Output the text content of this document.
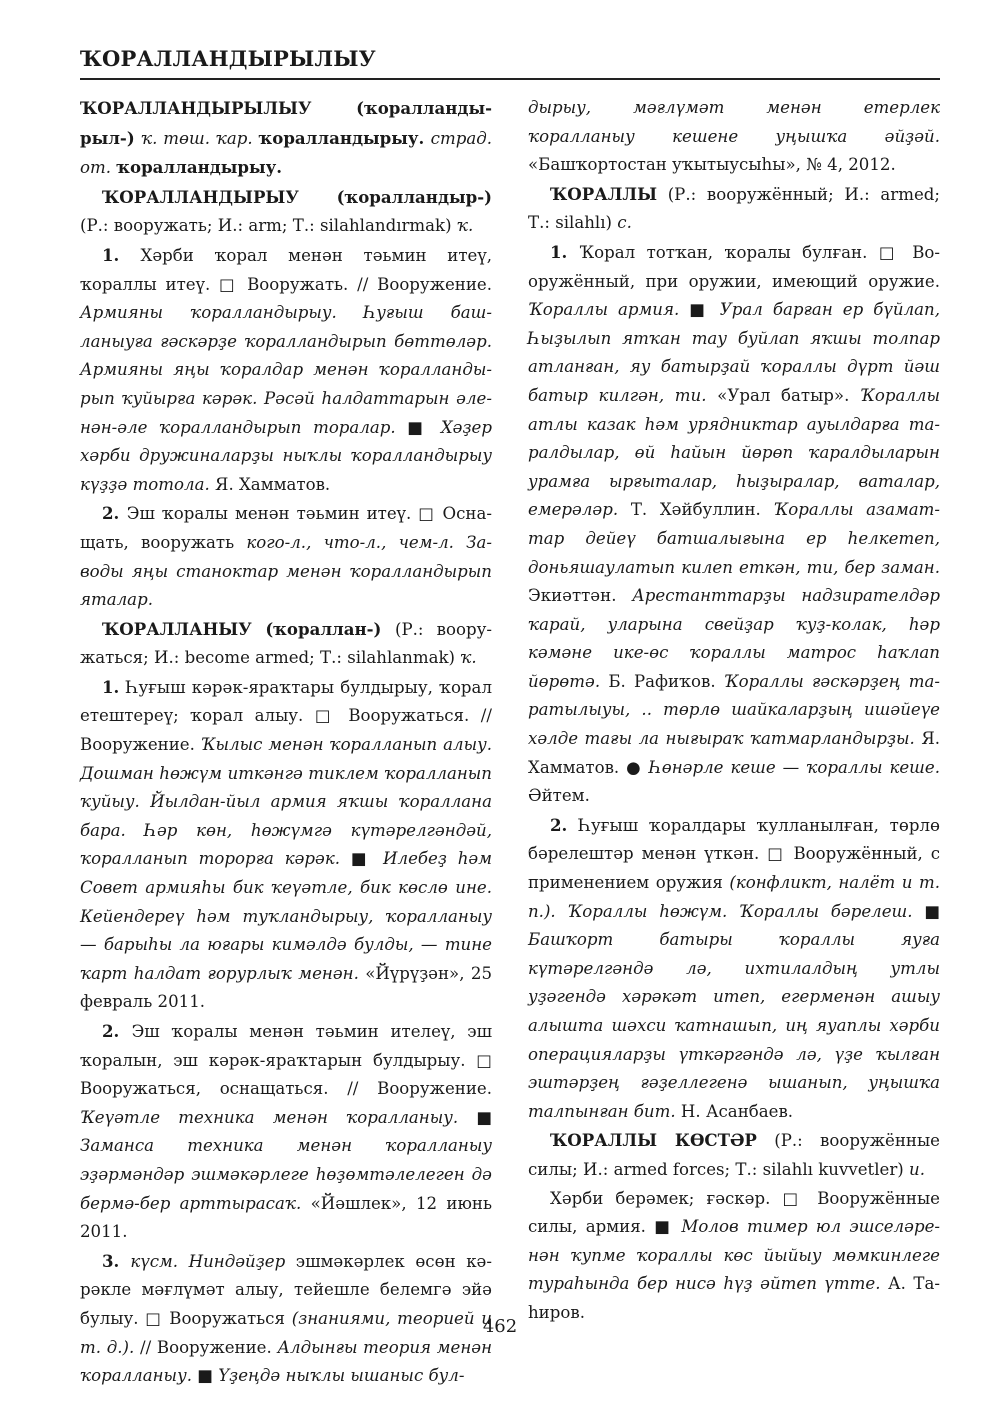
ҠОРАЛЛАНДЫРЫЛЫУ

ҠОРАЛЛАНДЫРЫЛЫУ (ҡоралландырыл-) ҡ. төш. ҡар. ҡоралландырыу. страд. от. ҡоралландырыу.

ҠОРАЛЛАНДЫРЫУ (ҡоралландыр-) (Р.: вооружать; И.: arm; Т.: silahlandırmak) ҡ.

1. Хәрби ҡорал менән тәьмин итеү, ҡораллы итеү. □ Вооружать. // Вооружение. Армияны ҡоралландырыу. Һуғыш башланыуға ғәскәрҙе ҡоралландырып бөттөләр. Армияны яңы ҡоралдар менән ҡоралландырып ҡуйырға кәрәк. Рәсәй һалдаттарын әленән-әле ҡоралландырып торалар. ■ Хәҙер хәрби дружиналарҙы ныҡлы ҡоралландырыу күҙҙә тотола. Я. Хамматов.

2. Эш ҡоралы менән тәьмин итеү. □ Оснащать, вооружать кого-л., что-л., чем-л. Заводы яңы станоктар менән ҡоралландырып яталар.

ҠОРАЛЛАНЫУ (ҡораллан-) (Р.: вооружаться; И.: become armed; Т.: silahlanmak) ҡ.

1. Һуғыш кәрәк-яраҡтары булдырыу, ҡорал етештереү; ҡорал алыу. □ Вооружаться. // Вооружение. Ҡылыс менән ҡоралланып алыу. Дошман һөжүм иткәнгә тиклем ҡоралланып ҡуйыу. Йылдан-йыл армия яҡшы ҡораллана бара. Һәр көн, һөжүмгә күтәрелгәндәй, ҡоралланып торорға кәрәк. ■ Илебеҙ һәм Совет армияһы бик ҡеүәтле, бик көслө ине. Кейендереү һәм туҡландырыу, ҡоралланыу — барыһы ла юғары кимәлдә булды, — тине ҡарт һалдат ғорурлыҡ менән. «Йүрүҙән», 25 февраль 2011.

2. Эш ҡоралы менән тәьмин ителеү, эш ҡоралын, эш кәрәк-яраҡтарын булдырыу. □ Вооружаться, оснащаться. // Вооружение. Ҡеүәтле техника менән ҡоралланыу. ■ Заманса техника менән ҡоралланыу эҙәрмәндәр эшмәкәрлеге һөҙөмтәлелеген дә бермә-бер арттырасаҡ. «Йәшлек», 12 июнь 2011.

3. күсм. Ниндәйҙер эшмәкәрлек өсөн кәрәкле мәғлүмәт алыу, тейешле белемгә эйә булыу. □ Вооружаться (знаниями, теорией и т. д.). // Вооружение. Алдынғы теория менән ҡоралланыу. ■ Үҙеңдә ныҡлы ышаныс бул-

дырыу, мәғлүмәт менән етерлек ҡоралланыу кешене уңышҡа әйҙәй. «Башҡортостан уҡытыусыһы», № 4, 2012.

ҠОРАЛЛЫ (Р.: вооружённый; И.: armed; Т.: silahlı) с.

1. Ҡорал тотҡан, ҡоралы булған. □ Вооружённый, при оружии, имеющий оружие. Ҡораллы армия. ■ Урал барған ер бүйлап, Һыҙылып ятҡан тау буйлап яҡшы толпар атланған, яу батырҙай ҡораллы дүрт йәш батыр килгән, ти. «Урал батыр». Ҡораллы атлы казак һәм урядниктар ауылдарға таралдылар, өй һайын йөрөп ҡаралдыларын урамға ырғыталар, һыҙыралар, ваталар, емерәләр. Т. Хәйбуллин. Ҡораллы азаматтар дейеү батшалығына ер һелкетеп, доньяшаулатып килеп еткән, ти, бер заман. Экиәттән. Арестанттарҙы надзирателдәр ҡарай, уларына свейҙар ҡуҙ-колак, һәр кәмәне ике-өс ҡораллы матрос һаҡлап йөрөтә. Б. Рафиҡов. Ҡораллы ғәскәрҙең таратылыуы, .. төрлө шайкаларҙың ишәйеүе хәлде тағы ла нығыраҡ ҡатмарландырҙы. Я. Хамматов. ● Һөнәрле кеше — ҡораллы кеше. Әйтем.

2. Һуғыш ҡоралдары ҡулланылған, төрлө бәрелештәр менән үткән. □ Вооружённый, с применением оружия (конфликт, налёт и т. п.). Ҡораллы һөжүм. Ҡораллы бәрелеш. ■ Башҡорт батыры ҡораллы яуға күтәрелгәндә лә, ихтилалдың утлы уҙәгендә хәрәкәт итеп, егерменән ашыу алышта шәхси ҡатнашып, иң яуаплы хәрби операцияларҙы үткәргәндә лә, үҙе ҡылған эштәрҙең ғәҙеллегенә ышанып, уңышҡа талпынған бит. Н. Асанбаев.

ҠОРАЛЛЫ КӨСТӘР (Р.: вооружённые силы; И.: armed forces; Т.: silahlı kuvvetler) и.

Хәрби берәмек; ғәскәр. □ Вооружённые силы, армия. ■ Молов тимер юл эшселәренән ҡупме ҡораллы көс йыйыу мөмкинлеге тураһында бер нисә һүҙ әйтеп үтте. А. Таһиров.

462
